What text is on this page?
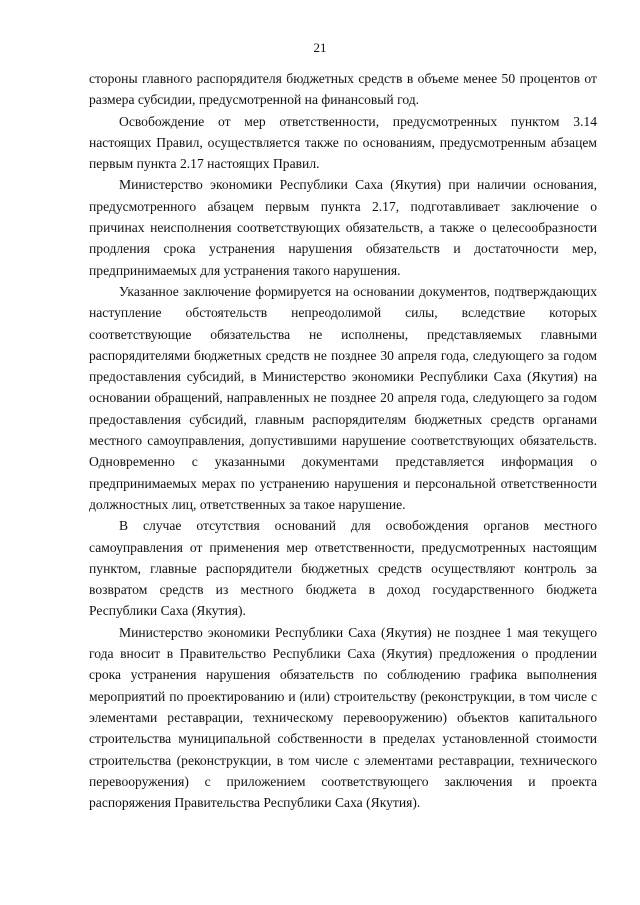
21

стороны главного распорядителя бюджетных средств в объеме менее 50 процентов от размера субсидии, предусмотренной на финансовый год.

Освобождение от мер ответственности, предусмотренных пунктом 3.14 настоящих Правил, осуществляется также по основаниям, предусмотренным абзацем первым пункта 2.17 настоящих Правил.

Министерство экономики Республики Саха (Якутия) при наличии основания, предусмотренного абзацем первым пункта 2.17, подготавливает заключение о причинах неисполнения соответствующих обязательств, а также о целесообразности продления срока устранения нарушения обязательств и достаточности мер, предпринимаемых для устранения такого нарушения.

Указанное заключение формируется на основании документов, подтверждающих наступление обстоятельств непреодолимой силы, вследствие которых соответствующие обязательства не исполнены, представляемых главными распорядителями бюджетных средств не позднее 30 апреля года, следующего за годом предоставления субсидий, в Министерство экономики Республики Саха (Якутия) на основании обращений, направленных не позднее 20 апреля года, следующего за годом предоставления субсидий, главным распорядителям бюджетных средств органами местного самоуправления, допустившими нарушение соответствующих обязательств. Одновременно с указанными документами представляется информация о предпринимаемых мерах по устранению нарушения и персональной ответственности должностных лиц, ответственных за такое нарушение.

В случае отсутствия оснований для освобождения органов местного самоуправления от применения мер ответственности, предусмотренных настоящим пунктом, главные распорядители бюджетных средств осуществляют контроль за возвратом средств из местного бюджета в доход государственного бюджета Республики Саха (Якутия).

Министерство экономики Республики Саха (Якутия) не позднее 1 мая текущего года вносит в Правительство Республики Саха (Якутия) предложения о продлении срока устранения нарушения обязательств по соблюдению графика выполнения мероприятий по проектированию и (или) строительству (реконструкции, в том числе с элементами реставрации, техническому перевооружению) объектов капитального строительства муниципальной собственности в пределах установленной стоимости строительства (реконструкции, в том числе с элементами реставрации, технического перевооружения) с приложением соответствующего заключения и проекта распоряжения Правительства Республики Саха (Якутия).
